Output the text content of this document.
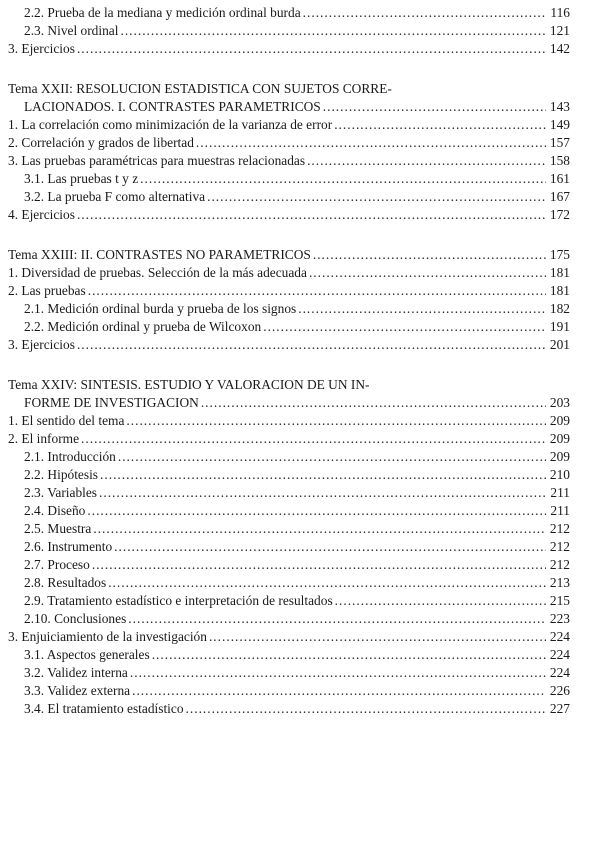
2.2. Prueba de la mediana y medición ordinal burda .....	116
2.3. Nivel ordinal .....	121
3. Ejercicios .....	142
Tema XXII: RESOLUCION ESTADISTICA CON SUJETOS CORRE-
LACIONADOS. I. CONTRASTES PARAMETRICOS .....	143
1. La correlación como minimización de la varianza de error .....	149
2. Correlación y grados de libertad .....	157
3. Las pruebas paramétricas para muestras relacionadas .....	158
3.1. Las pruebas t y z .....	161
3.2. La prueba F como alternativa .....	167
4. Ejercicios .....	172
Tema XXIII: II. CONTRASTES NO PARAMETRICOS .....	175
1. Diversidad de pruebas. Selección de la más adecuada .....	181
2. Las pruebas .....	181
2.1. Medición ordinal burda y prueba de los signos .....	182
2.2. Medición ordinal y prueba de Wilcoxon .....	191
3. Ejercicios .....	201
Tema XXIV: SINTESIS. ESTUDIO Y VALORACION DE UN IN-
FORME DE INVESTIGACION .....	203
1. El sentido del tema .....	209
2. El informe .....	209
2.1. Introducción .....	209
2.2. Hipótesis .....	210
2.3. Variables .....	211
2.4. Diseño .....	211
2.5. Muestra .....	212
2.6. Instrumento .....	212
2.7. Proceso .....	212
2.8. Resultados .....	213
2.9. Tratamiento estadístico e interpretación de resultados .....	215
2.10. Conclusiones .....	223
3. Enjuiciamiento de la investigación .....	224
3.1. Aspectos generales .....	224
3.2. Validez interna .....	224
3.3. Validez externa .....	226
3.4. El tratamiento estadístico .....	227
